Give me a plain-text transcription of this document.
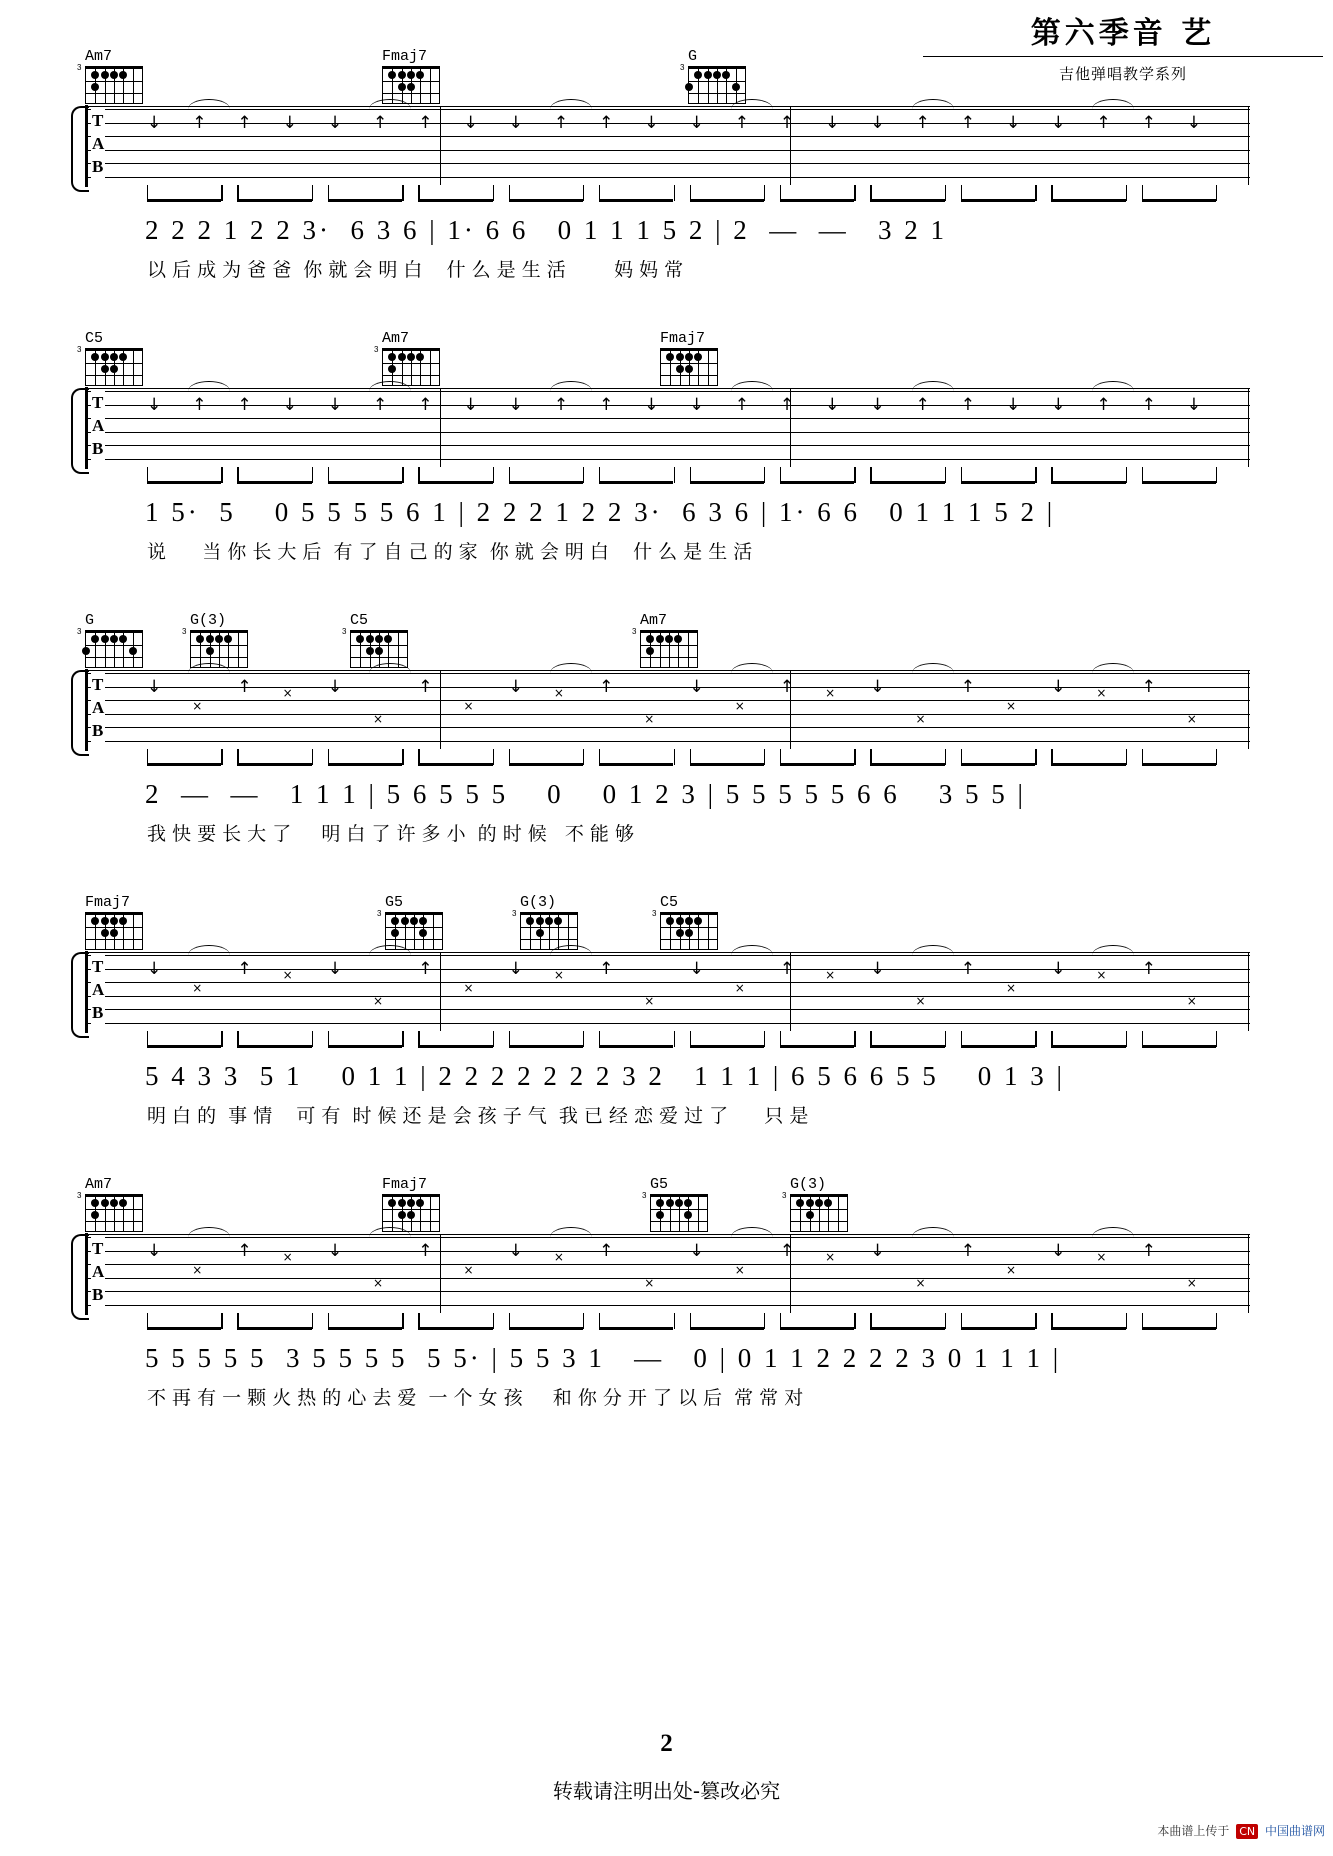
第六季音 艺
吉他弹唱教学系列
Am7
3
Fmaj7	G
3
T
A
B
↓ ↑ ↑ ↓ ↓ ↑ ↑ ↓ ↓ ↑ ↑ ↓ ↓ ↑ ↑ ↓ ↓ ↑ ↑ ↓ ↓ ↑ ↑ ↓
2 2 2 1 2 2 3·  6 3 6 | 1· 6 6   0 1 1 1 5 2 | 2  —  —   3 2 1
以 后 成 为 爸 爸  你 就 会 明 白    什 么 是 生 活        妈 妈 常
C5
3
Am7
3
Fmaj7
T
A
B
↓ ↑ ↑ ↓ ↓ ↑ ↑ ↓ ↓ ↑ ↑ ↓ ↓ ↑ ↑ ↓ ↓ ↑ ↑ ↓ ↓ ↑ ↑ ↓
1 5·  5    0 5 5 5 5 6 1 | 2 2 2 1 2 2 3·  6 3 6 | 1· 6 6   0 1 1 1 5 2 |
说      当 你 长 大 后  有 了 自 己 的 家  你 就 会 明 白    什 么 是 生 活
G
3
G(3)
3
C5
3
Am7
3
T
A
B
↓
×
↑	× ↓
×
↑
×
↓	× ↑
×
↓
×
↑	× ↓
×
↑
×
↓	× ↑
×
2  —  —   1 1 1 | 5 6 5 5 5    0    0 1 2 3 | 5 5 5 5 5 6 6    3 5 5 |
我 快 要 长 大 了     明 白 了 许 多 小  的 时 候   不 能 够
Fmaj7	G5
3
G(3)
3
C5
3
T
A
B
↓
×
↑	× ↓
×
↑
×
↓	× ↑
×
↓
×
↑	× ↓
×
↑
×
↓	× ↑
×
5 4 3 3  5 1    0 1 1 | 2 2 2 2 2 2 2 3 2   1 1 1 | 6 5 6 6 5 5    0 1 3 |
明 白 的  事 情    可 有  时 候 还 是 会 孩 子 气  我 已 经 恋 爱 过 了      只 是
Am7
3
Fmaj7	G5
3
G(3)
3
T
A
B
↓
×
↑	× ↓
×
↑
×
↓	× ↑
×
↓
×
↑	× ↓
×
↑
×
↓	× ↑
×
5 5 5 5 5  3 5 5 5 5  5 5· | 5 5 3 1   —   0 | 0 1 1 2 2 2 2 3 0 1 1 1 |
不 再 有 一 颗 火 热 的 心 去 爱  一 个 女 孩     和 你 分 开 了 以 后  常 常 对
2
转载请注明出处-篡改必究
本曲谱上传于 CN 中国曲谱网
